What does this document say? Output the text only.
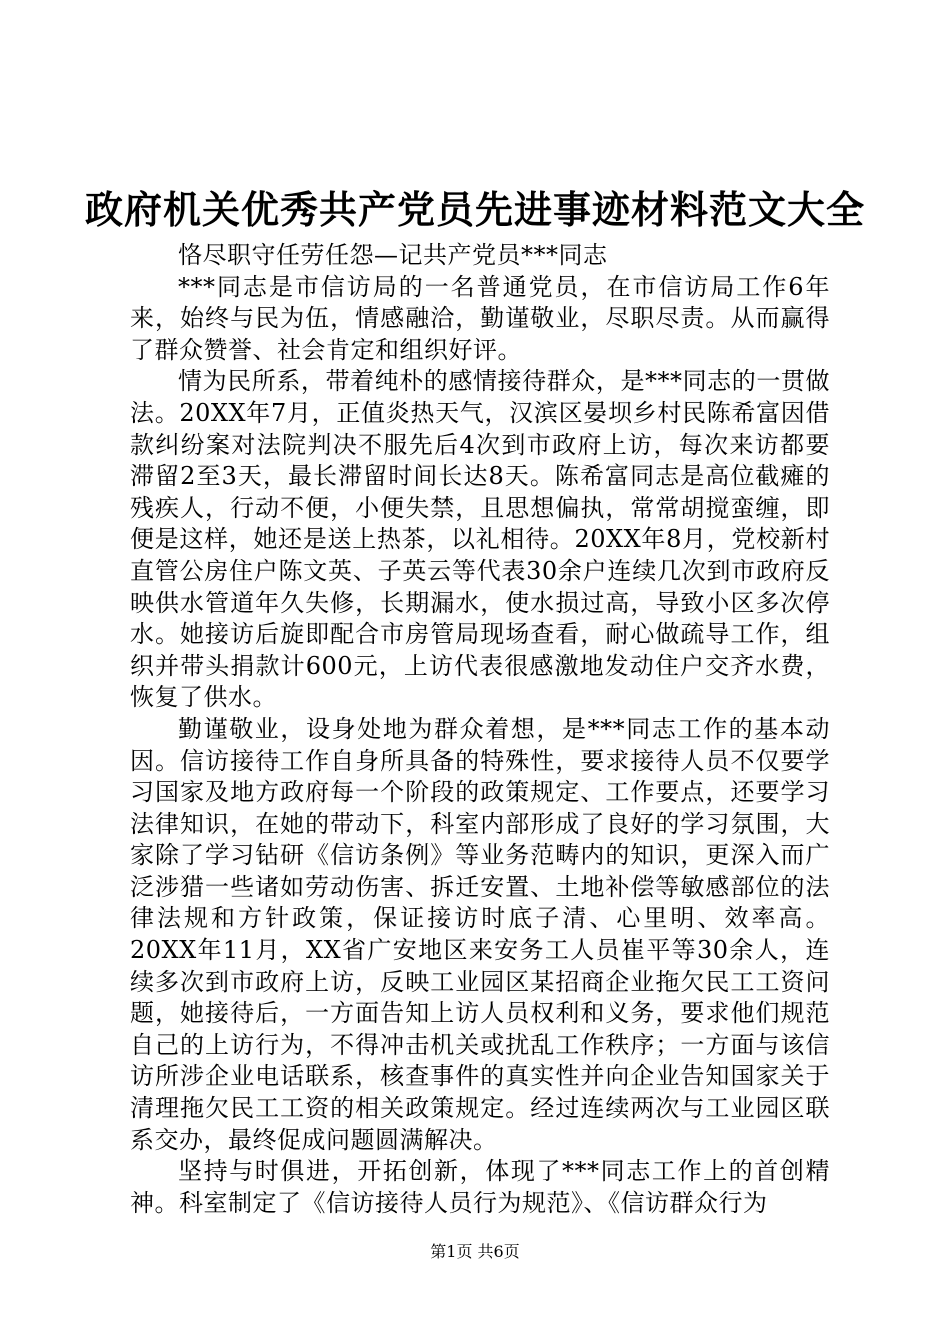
政府机关优秀共产党员先进事迹材料范文大全

恪尽职守任劳任怨—记共产党员***同志

***同志是市信访局的一名普通党员，在市信访局工作6年来，始终与民为伍，情感融洽，勤谨敬业，尽职尽责。从而赢得了群众赞誉、社会肯定和组织好评。

情为民所系，带着纯朴的感情接待群众，是***同志的一贯做法。20XX年7月，正值炎热天气，汉滨区晏坝乡村民陈希富因借款纠纷案对法院判决不服先后4次到市政府上访，每次来访都要滞留2至3天，最长滞留时间长达8天。陈希富同志是高位截瘫的残疾人，行动不便，小便失禁，且思想偏执，常常胡搅蛮缠，即便是这样，她还是送上热茶，以礼相待。20XX年8月，党校新村直管公房住户陈文英、子英云等代表30余户连续几次到市政府反映供水管道年久失修，长期漏水，使水损过高，导致小区多次停水。她接访后旋即配合市房管局现场查看，耐心做疏导工作，组织并带头捐款计600元，上访代表很感激地发动住户交齐水费，恢复了供水。

勤谨敬业，设身处地为群众着想，是***同志工作的基本动因。信访接待工作自身所具备的特殊性，要求接待人员不仅要学习国家及地方政府每一个阶段的政策规定、工作要点，还要学习法律知识，在她的带动下，科室内部形成了良好的学习氛围，大家除了学习钻研《信访条例》等业务范畴内的知识，更深入而广泛涉猎一些诸如劳动伤害、拆迁安置、土地补偿等敏感部位的法律法规和方针政策，保证接访时底子清、心里明、效率高。20XX年11月，XX省广安地区来安务工人员崔平等30余人，连续多次到市政府上访，反映工业园区某招商企业拖欠民工工资问题，她接待后，一方面告知上访人员权利和义务，要求他们规范自己的上访行为，不得冲击机关或扰乱工作秩序；一方面与该信访所涉企业电话联系，核查事件的真实性并向企业告知国家关于清理拖欠民工工资的相关政策规定。经过连续两次与工业园区联系交办，最终促成问题圆满解决。

坚持与时俱进，开拓创新，体现了***同志工作上的首创精神。科室制定了《信访接待人员行为规范》、《信访群众行为

第1页 共6页
